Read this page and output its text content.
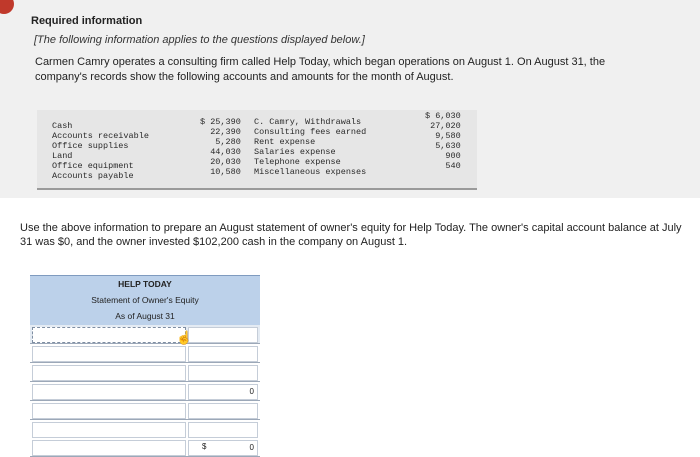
Required information
[The following information applies to the questions displayed below.]
Carmen Camry operates a consulting firm called Help Today, which began operations on August 1. On August 31, the company's records show the following accounts and amounts for the month of August.
Cash
Accounts receivable
Office supplies
Land
Office equipment
Accounts payable
$ 25,390
22,390
5,280
44,030
20,030
10,580
C. Camry, Withdrawals
Consulting fees earned
Rent expense
Salaries expense
Telephone expense
Miscellaneous expenses
$ 6,030
27,020
9,580
5,630
900
540
Use the above information to prepare an August statement of owner's equity for Help Today. The owner's capital account balance at July 31 was $0, and the owner invested $102,200 cash in the company on August 1.
HELP TODAY
Statement of Owner's Equity
As of August 31
0
0
$
☝
